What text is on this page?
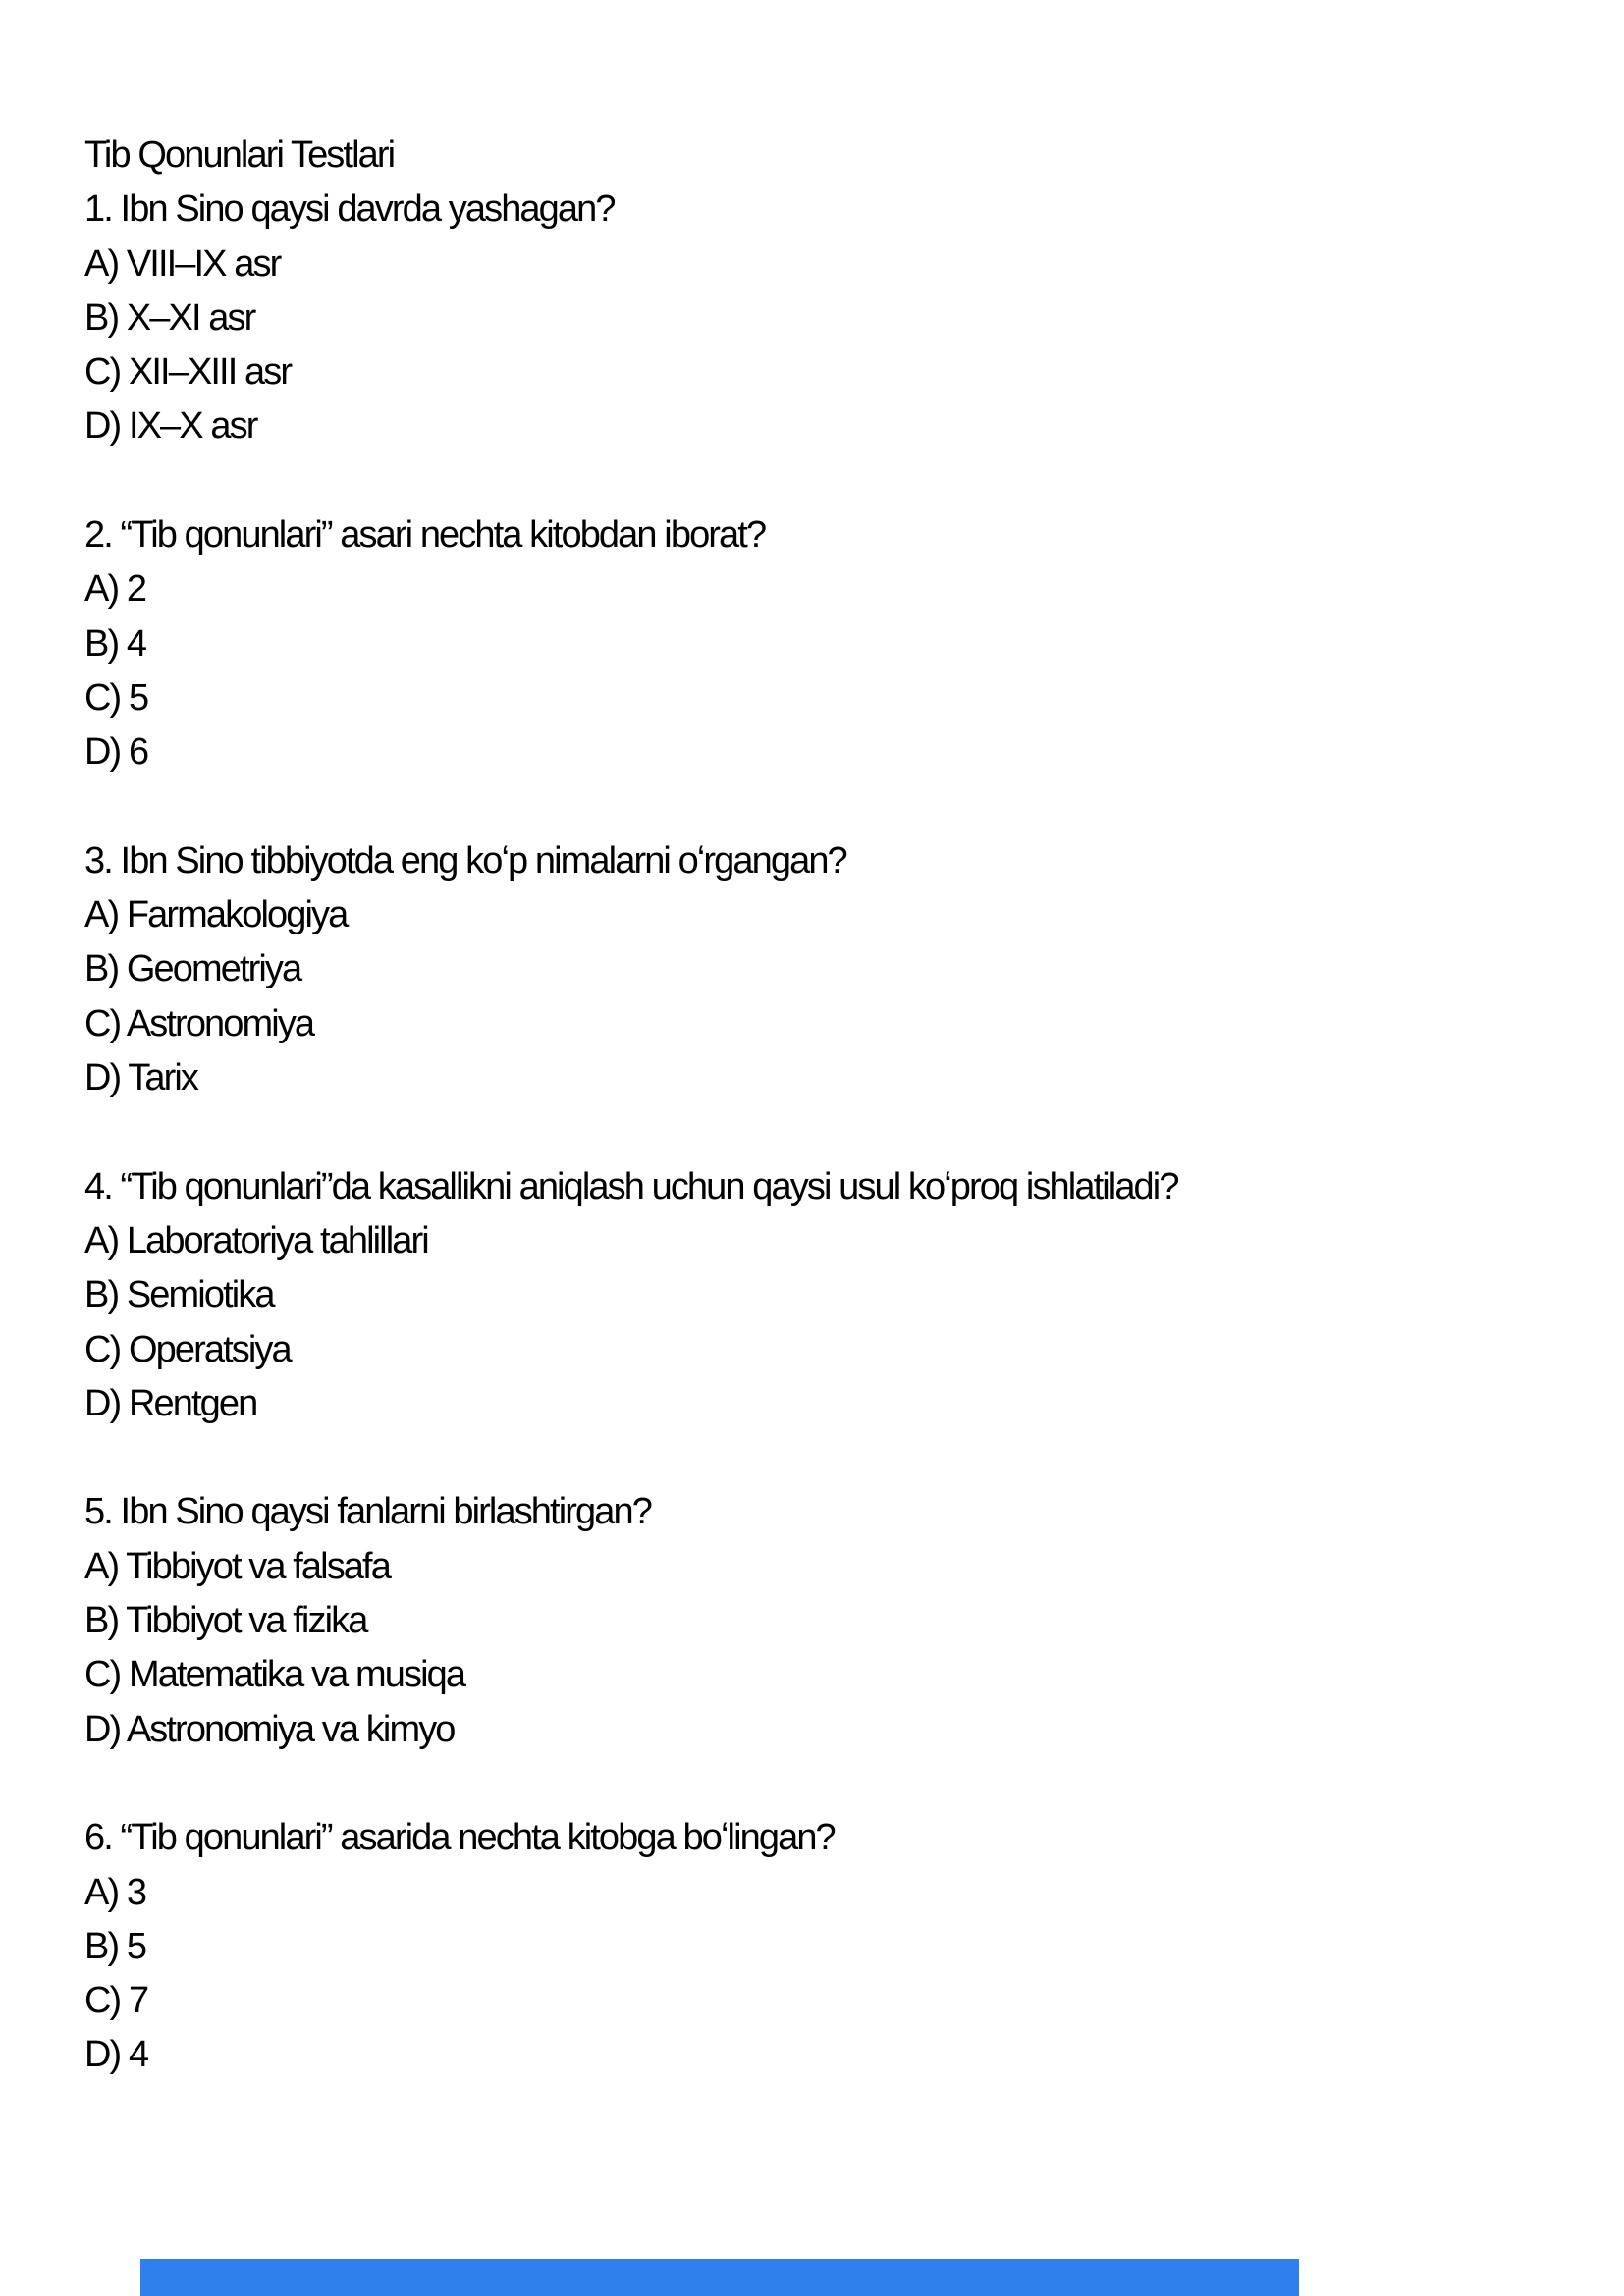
Tib Qonunlari Testlari

1. Ibn Sino qaysi davrda yashagan?

A) VIII–IX asr

B) X–XI asr

C) XII–XIII asr

D) IX–X asr

2. “Tib qonunlari” asari nechta kitobdan iborat?

A) 2

B) 4

C) 5

D) 6

3. Ibn Sino tibbiyotda eng koʻp nimalarni oʻrgangan?

A) Farmakologiya

B) Geometriya

C) Astronomiya

D) Tarix

4. “Tib qonunlari”da kasallikni aniqlash uchun qaysi usul koʻproq ishlatiladi?

A) Laboratoriya tahlillari

B) Semiotika

C) Operatsiya

D) Rentgen

5. Ibn Sino qaysi fanlarni birlashtirgan?

A) Tibbiyot va falsafa

B) Tibbiyot va fizika

C) Matematika va musiqa

D) Astronomiya va kimyo

6. “Tib qonunlari” asarida nechta kitobga boʻlingan?

A) 3

B) 5

C) 7

D) 4
